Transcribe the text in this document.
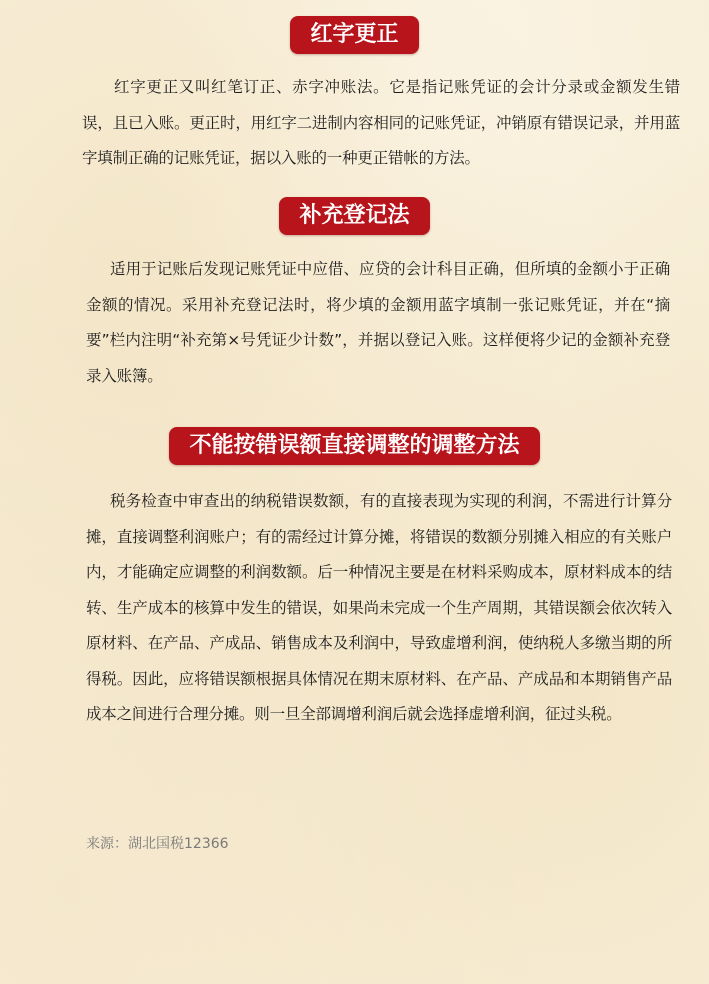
红字更正
红字更正又叫红笔订正、赤字冲账法。它是指记账凭证的会计分录或金额发生错误，且已入账。更正时，用红字二进制内容相同的记账凭证，冲销原有错误记录，并用蓝字填制正确的记账凭证，据以入账的一种更正错帐的方法。
补充登记法
适用于记账后发现记账凭证中应借、应贷的会计科目正确，但所填的金额小于正确金额的情况。采用补充登记法时，将少填的金额用蓝字填制一张记账凭证，并在“摘要”栏内注明“补充第×号凭证少计数”，并据以登记入账。这样便将少记的金额补充登录入账簿。
不能按错误额直接调整的调整方法
税务检查中审查出的纳税错误数额，有的直接表现为实现的利润，不需进行计算分摊，直接调整利润账户；有的需经过计算分摊，将错误的数额分别摊入相应的有关账户内，才能确定应调整的利润数额。后一种情况主要是在材料采购成本，原材料成本的结转、生产成本的核算中发生的错误，如果尚未完成一个生产周期，其错误额会依次转入原材料、在产品、产成品、销售成本及利润中，导致虚增利润，使纳税人多缴当期的所得税。因此，应将错误额根据具体情况在期末原材料、在产品、产成品和本期销售产品成本之间进行合理分摊。则一旦全部调增利润后就会选择虚增利润，征过头税。
来源：湖北国税12366
